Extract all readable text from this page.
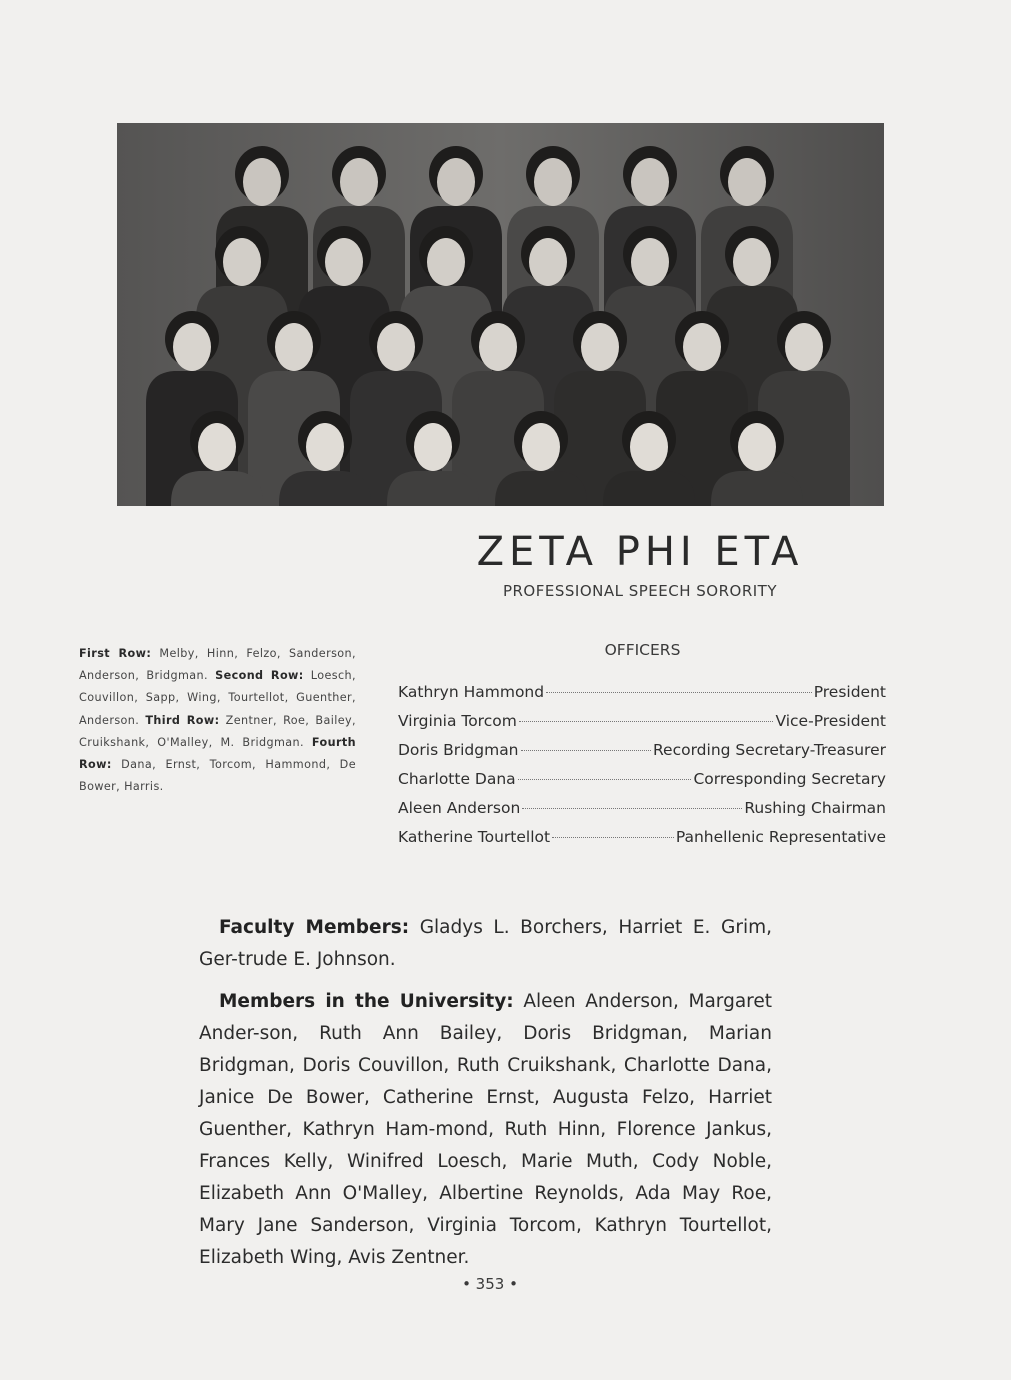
ZETA PHI ETA
PROFESSIONAL SPEECH SORORITY
First Row: Melby, Hinn, Felzo, Sanderson, Anderson, Bridgman. Second Row: Loesch, Couvillon, Sapp, Wing, Tourtellot, Guenther, Anderson. Third Row: Zentner, Roe, Bailey, Cruikshank, O'Malley, M. Bridgman. Fourth Row: Dana, Ernst, Torcom, Hammond, De Bower, Harris.
OFFICERS
Kathryn Hammond	President
Virginia Torcom	Vice-President
Doris Bridgman	Recording Secretary-Treasurer
Charlotte Dana	Corresponding Secretary
Aleen Anderson	Rushing Chairman
Katherine Tourtellot	Panhellenic Representative
Faculty Members: Gladys L. Borchers, Harriet E. Grim, Ger-trude E. Johnson.
Members in the University: Aleen Anderson, Margaret Ander-son, Ruth Ann Bailey, Doris Bridgman, Marian Bridgman, Doris Couvillon, Ruth Cruikshank, Charlotte Dana, Janice De Bower, Catherine Ernst, Augusta Felzo, Harriet Guenther, Kathryn Ham-mond, Ruth Hinn, Florence Jankus, Frances Kelly, Winifred Loesch, Marie Muth, Cody Noble, Elizabeth Ann O'Malley, Albertine Reynolds, Ada May Roe, Mary Jane Sanderson, Virginia Torcom, Kathryn Tourtellot, Elizabeth Wing, Avis Zentner.
• 353 •
